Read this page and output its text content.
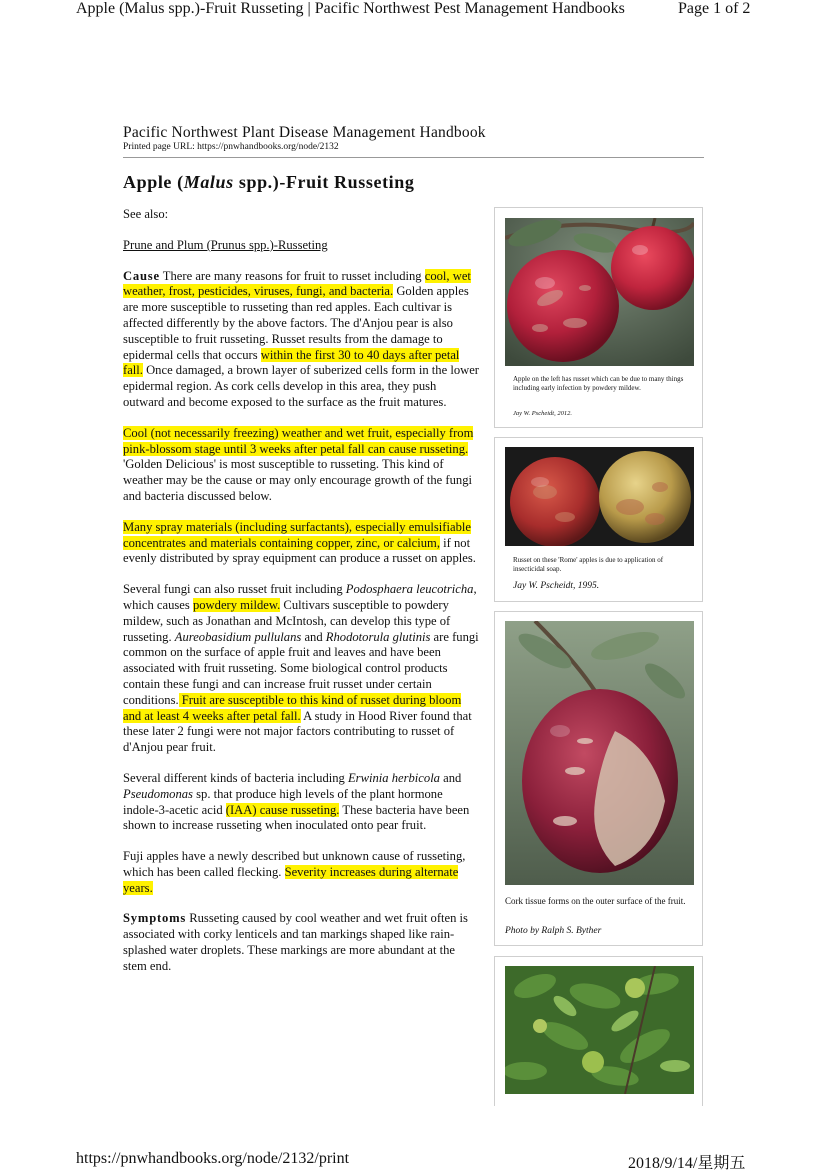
Apple (Malus spp.)-Fruit Russeting | Pacific Northwest Pest Management Handbooks	Page 1 of 2
https://pnwhandbooks.org/node/2132/print	2018/9/14/星期五
Pacific Northwest Plant Disease Management Handbook
Printed page URL: https://pnwhandbooks.org/node/2132
Apple (Malus spp.)-Fruit Russeting

See also:

Prune and Plum (Prunus spp.)-Russeting

Cause There are many reasons for fruit to russet including cool, wet weather, frost, pesticides, viruses, fungi, and bacteria. Golden apples are more susceptible to russeting than red apples. Each cultivar is affected differently by the above factors. The d'Anjou pear is also susceptible to fruit russeting. Russet results from the damage to epidermal cells that occurs within the first 30 to 40 days after petal fall. Once damaged, a brown layer of suberized cells form in the lower epidermal region. As cork cells develop in this area, they push outward and become exposed to the surface as the fruit matures.

Cool (not necessarily freezing) weather and wet fruit, especially from pink-blossom stage until 3 weeks after petal fall can cause russeting. 'Golden Delicious' is most susceptible to russeting. This kind of weather may be the cause or may only encourage growth of the fungi and bacteria discussed below.

Many spray materials (including surfactants), especially emulsifiable concentrates and materials containing copper, zinc, or calcium, if not evenly distributed by spray equipment can produce a russet on apples.

Several fungi can also russet fruit including Podosphaera leucotricha, which causes powdery mildew. Cultivars susceptible to powdery mildew, such as Jonathan and McIntosh, can develop this type of russeting. Aureobasidium pullulans and Rhodotorula glutinis are fungi common on the surface of apple fruit and leaves and have been associated with fruit russeting. Some biological control products contain these fungi and can increase fruit russet under certain conditions. Fruit are susceptible to this kind of russet during bloom and at least 4 weeks after petal fall. A study in Hood River found that these later 2 fungi were not major factors contributing to russet of d'Anjou pear fruit.

Several different kinds of bacteria including Erwinia herbicola and Pseudomonas sp. that produce high levels of the plant hormone indole-3-acetic acid (IAA) cause russeting. These bacteria have been shown to increase russeting when inoculated onto pear fruit.

Fuji apples have a newly described but unknown cause of russeting, which has been called flecking. Severity increases during alternate years.

Symptoms Russeting caused by cool weather and wet fruit often is associated with corky lenticels and tan markings shaped like rain-splashed water droplets. These markings are more abundant at the stem end.

Apple on the left has russet which can be due to many things including early infection by powdery mildew.
Jay W. Pscheidt, 2012.
Russet on these 'Rome' apples is due to application of insecticidal soap.
Jay W. Pscheidt, 1995.
Cork tissue forms on the outer surface of the fruit.
Photo by Ralph S. Byther
